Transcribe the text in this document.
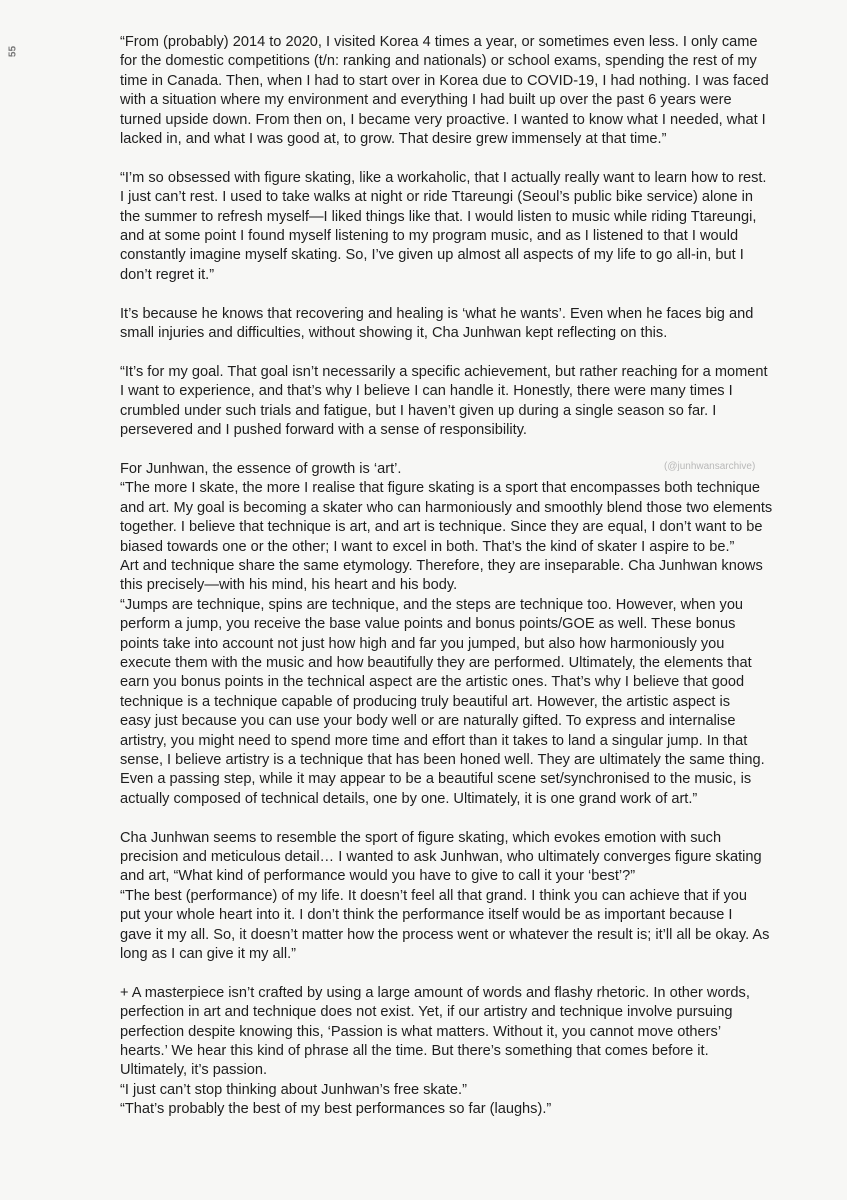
55
(@junhwansarchive)

“From (probably) 2014 to 2020, I visited Korea 4 times a year, or sometimes even less. I only came
for the domestic competitions (t/n: ranking and nationals) or school exams, spending the rest of my
time in Canada. Then, when I had to start over in Korea due to COVID-19, I had nothing. I was faced
with a situation where my environment and everything I had built up over the past 6 years were
turned upside down. From then on, I became very proactive. I wanted to know what I needed, what I
lacked in, and what I was good at, to grow. That desire grew immensely at that time.”

“I’m so obsessed with figure skating, like a workaholic, that I actually really want to learn how to rest.
I just can’t rest. I used to take walks at night or ride Ttareungi (Seoul’s public bike service) alone in
the summer to refresh myself—I liked things like that. I would listen to music while riding Ttareungi,
and at some point I found myself listening to my program music, and as I listened to that I would
constantly imagine myself skating. So, I’ve given up almost all aspects of my life to go all-in, but I
don’t regret it.”

It’s because he knows that recovering and healing is ‘what he wants’. Even when he faces big and
small injuries and difficulties, without showing it, Cha Junhwan kept reflecting on this.

“It’s for my goal. That goal isn’t necessarily a specific achievement, but rather reaching for a moment
I want to experience, and that’s why I believe I can handle it. Honestly, there were many times I
crumbled under such trials and fatigue, but I haven’t given up during a single season so far. I
persevered and I pushed forward with a sense of responsibility.

For Junhwan, the essence of growth is ‘art’.
“The more I skate, the more I realise that figure skating is a sport that encompasses both technique
and art. My goal is becoming a skater who can harmoniously and smoothly blend those two elements
together. I believe that technique is art, and art is technique. Since they are equal, I don’t want to be
biased towards one or the other; I want to excel in both. That’s the kind of skater I aspire to be.”
Art and technique share the same etymology. Therefore, they are inseparable. Cha Junhwan knows
this precisely—with his mind, his heart and his body.
“Jumps are technique, spins are technique, and the steps are technique too. However, when you
perform a jump, you receive the base value points and bonus points/GOE as well. These bonus
points take into account not just how high and far you jumped, but also how harmoniously you
execute them with the music and how beautifully they are performed. Ultimately, the elements that
earn you bonus points in the technical aspect are the artistic ones. That’s why I believe that good
technique is a technique capable of producing truly beautiful art. However, the artistic aspect is
easy just because you can use your body well or are naturally gifted. To express and internalise
artistry, you might need to spend more time and effort than it takes to land a singular jump. In that
sense, I believe artistry is a technique that has been honed well. They are ultimately the same thing.
Even a passing step, while it may appear to be a beautiful scene set/synchronised to the music, is
actually composed of technical details, one by one. Ultimately, it is one grand work of art.”

Cha Junhwan seems to resemble the sport of figure skating, which evokes emotion with such
precision and meticulous detail… I wanted to ask Junhwan, who ultimately converges figure skating
and art, “What kind of performance would you have to give to call it your ‘best’?”
“The best (performance) of my life. It doesn’t feel all that grand. I think you can achieve that if you
put your whole heart into it. I don’t think the performance itself would be as important because I
gave it my all. So, it doesn’t matter how the process went or whatever the result is; it’ll all be okay. As
long as I can give it my all.”

+ A masterpiece isn’t crafted by using a large amount of words and flashy rhetoric. In other words,
perfection in art and technique does not exist. Yet, if our artistry and technique involve pursuing
perfection despite knowing this, ‘Passion is what matters. Without it, you cannot move others’
hearts.’ We hear this kind of phrase all the time. But there’s something that comes before it.
Ultimately, it’s passion.
“I just can’t stop thinking about Junhwan’s free skate.”
“That’s probably the best of my best performances so far (laughs).”
